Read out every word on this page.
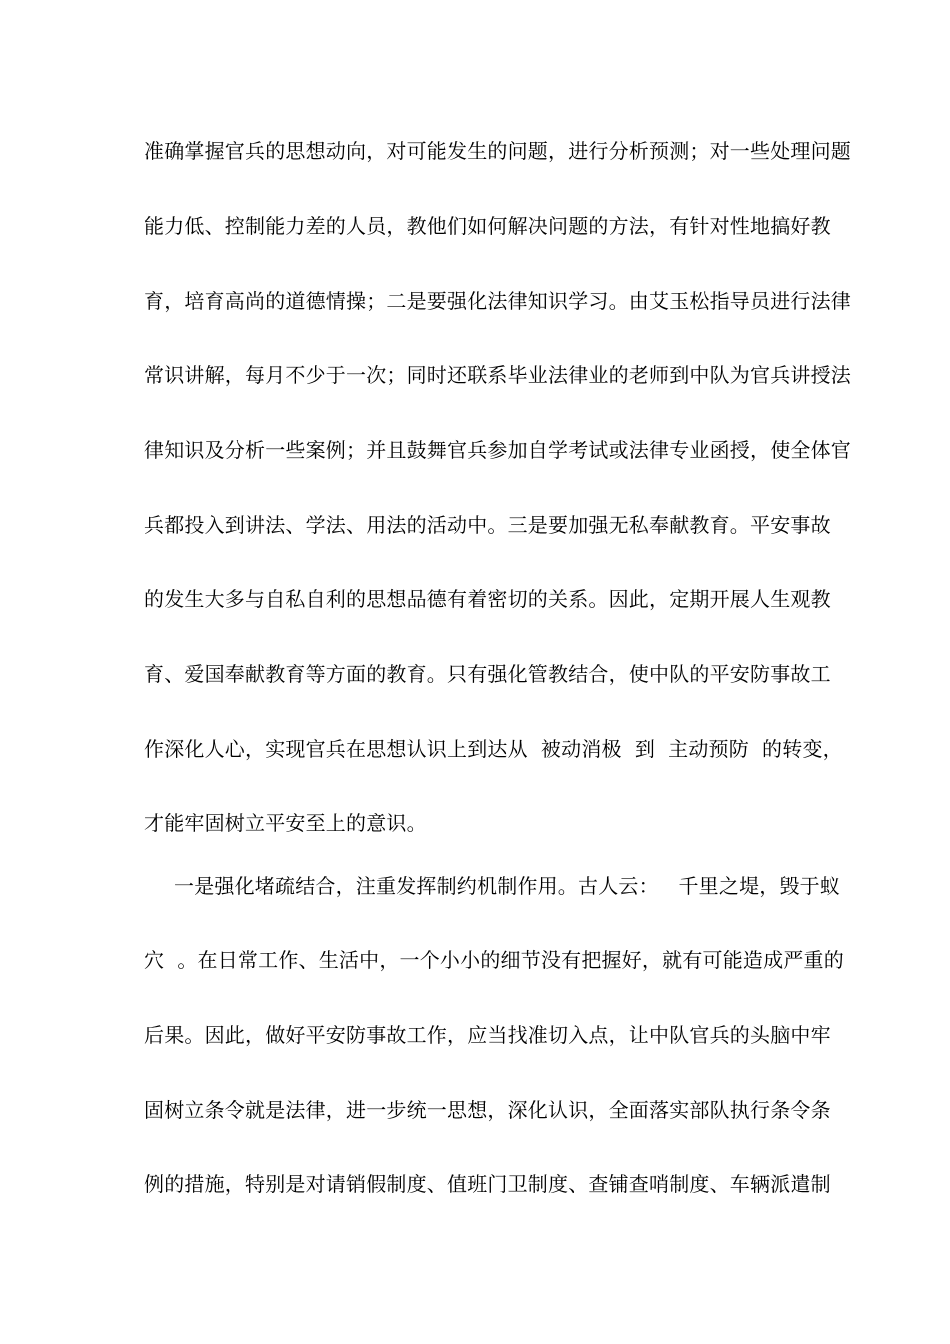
准确掌握官兵的思想动向，对可能发生的问题，进行分析预测；对一些处理问题
能力低、控制能力差的人员，教他们如何解决问题的方法，有针对性地搞好教
育，培育高尚的道德情操；二是要强化法律知识学习。由艾玉松指导员进行法律
常识讲解，每月不少于一次；同时还联系毕业法律业的老师到中队为官兵讲授法
律知识及分析一些案例；并且鼓舞官兵参加自学考试或法律专业函授，使全体官
兵都投入到讲法、学法、用法的活动中。三是要加强无私奉献教育。平安事故
的发生大多与自私自利的思想品德有着密切的关系。因此，定期开展人生观教
育、爱国奉献教育等方面的教育。只有强化管教结合，使中队的平安防事故工
作深化人心，实现官兵在思想认识上到达从  被动消极  到  主动预防  的转变，
才能牢固树立平安至上的意识。
一是强化堵疏结合，注重发挥制约机制作用。古人云：   千里之堤，毁于蚁
穴  。在日常工作、生活中，一个小小的细节没有把握好，就有可能造成严重的
后果。因此，做好平安防事故工作，应当找准切入点，让中队官兵的头脑中牢
固树立条令就是法律，进一步统一思想，深化认识，全面落实部队执行条令条
例的措施，特别是对请销假制度、值班门卫制度、查铺查哨制度、车辆派遣制
